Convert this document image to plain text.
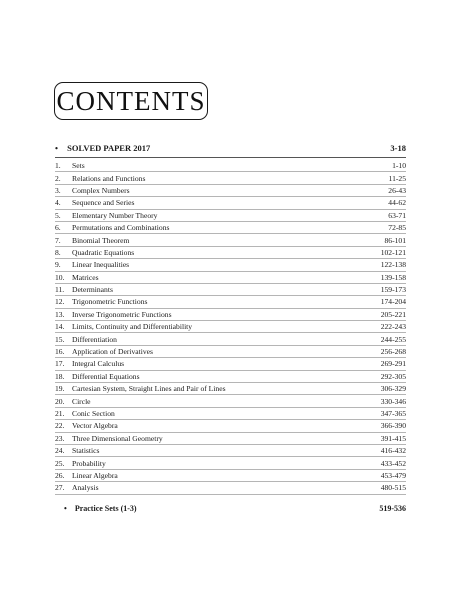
CONTENTS
• SOLVED PAPER 2017	3-18
1.	Sets	1-10
2.	Relations and Functions	11-25
3.	Complex Numbers	26-43
4.	Sequence and Series	44-62
5.	Elementary Number Theory	63-71
6.	Permutations and Combinations	72-85
7.	Binomial Theorem	86-101
8.	Quadratic Equations	102-121
9.	Linear Inequalities	122-138
10. Matrices	139-158
11.	Determinants	159-173
12. Trigonometric Functions	174-204
13. Inverse Trigonometric Functions	205-221
14. Limits, Continuity and Differentiability	222-243
15. Differentiation	244-255
16. Application of Derivatives	256-268
17. Integral Calculus	269-291
18. Differential Equations	292-305
19. Cartesian System, Straight Lines and Pair of Lines	306-329
20. Circle	330-346
21. Conic Section	347-365
22. Vector Algebra	366-390
23. Three Dimensional Geometry	391-415
24. Statistics	416-432
25. Probability	433-452
26. Linear Algebra	453-479
27. Analysis	480-515
• Practice Sets (1-3)	519-536
